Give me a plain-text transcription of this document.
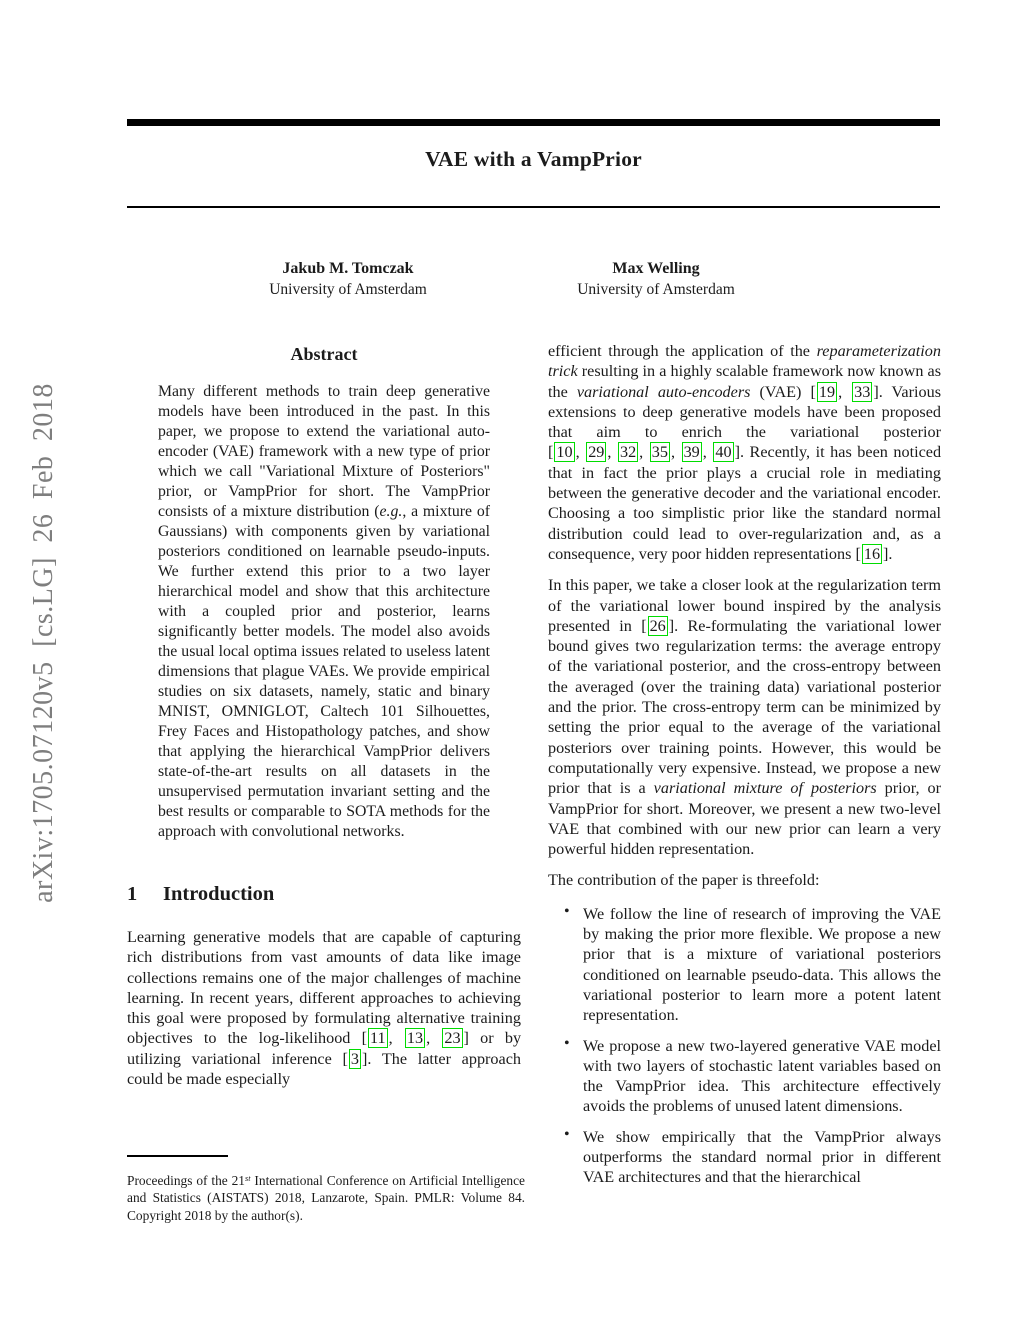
arXiv:1705.07120v5 [cs.LG] 26 Feb 2018
VAE with a VampPrior
Jakub M. Tomczak
University of Amsterdam
Max Welling
University of Amsterdam
Abstract

Many different methods to train deep generative models have been introduced in the past. In this paper, we propose to extend the variational auto-encoder (VAE) framework with a new type of prior which we call "Variational Mixture of Posteriors" prior, or VampPrior for short. The VampPrior consists of a mixture distribution (e.g., a mixture of Gaussians) with components given by variational posteriors conditioned on learnable pseudo-inputs. We further extend this prior to a two layer hierarchical model and show that this architecture with a coupled prior and posterior, learns significantly better models. The model also avoids the usual local optima issues related to useless latent dimensions that plague VAEs. We provide empirical studies on six datasets, namely, static and binary MNIST, OMNIGLOT, Caltech 101 Silhouettes, Frey Faces and Histopathology patches, and show that applying the hierarchical VampPrior delivers state-of-the-art results on all datasets in the unsupervised permutation invariant setting and the best results or comparable to SOTA methods for the approach with convolutional networks.

1 Introduction

Learning generative models that are capable of capturing rich distributions from vast amounts of data like image collections remains one of the major challenges of machine learning. In recent years, different approaches to achieving this goal were proposed by formulating alternative training objectives to the log-likelihood [ 11 , 13 , 23 ] or by utilizing variational inference [ 3 ]. The latter approach could be made especially

Proceedings of the 21st International Conference on Artificial Intelligence and Statistics (AISTATS) 2018, Lanzarote, Spain. PMLR: Volume 84. Copyright 2018 by the author(s).

efficient through the application of the reparameterization trick resulting in a highly scalable framework now known as the variational auto-encoders (VAE) [ 19 , 33 ]. Various extensions to deep generative models have been proposed that aim to enrich the variational posterior [ 10 , 29 , 32 , 35 , 39 , 40 ]. Recently, it has been noticed that in fact the prior plays a crucial role in mediating between the generative decoder and the variational encoder. Choosing a too simplistic prior like the standard normal distribution could lead to over-regularization and, as a consequence, very poor hidden representations [ 16 ].

In this paper, we take a closer look at the regularization term of the variational lower bound inspired by the analysis presented in [ 26 ]. Re-formulating the variational lower bound gives two regularization terms: the average entropy of the variational posterior, and the cross-entropy between the averaged (over the training data) variational posterior and the prior. The cross-entropy term can be minimized by setting the prior equal to the average of the variational posteriors over training points. However, this would be computationally very expensive. Instead, we propose a new prior that is a variational mixture of posteriors prior, or VampPrior for short. Moreover, we present a new two-level VAE that combined with our new prior can learn a very powerful hidden representation.

The contribution of the paper is threefold:

• We follow the line of research of improving the VAE by making the prior more flexible. We propose a new prior that is a mixture of variational posteriors conditioned on learnable pseudo-data. This allows the variational posterior to learn more a potent latent representation.

• We propose a new two-layered generative VAE model with two layers of stochastic latent variables based on the VampPrior idea. This architecture effectively avoids the problems of unused latent dimensions.

• We show empirically that the VampPrior always outperforms the standard normal prior in different VAE architectures and that the hierarchical
